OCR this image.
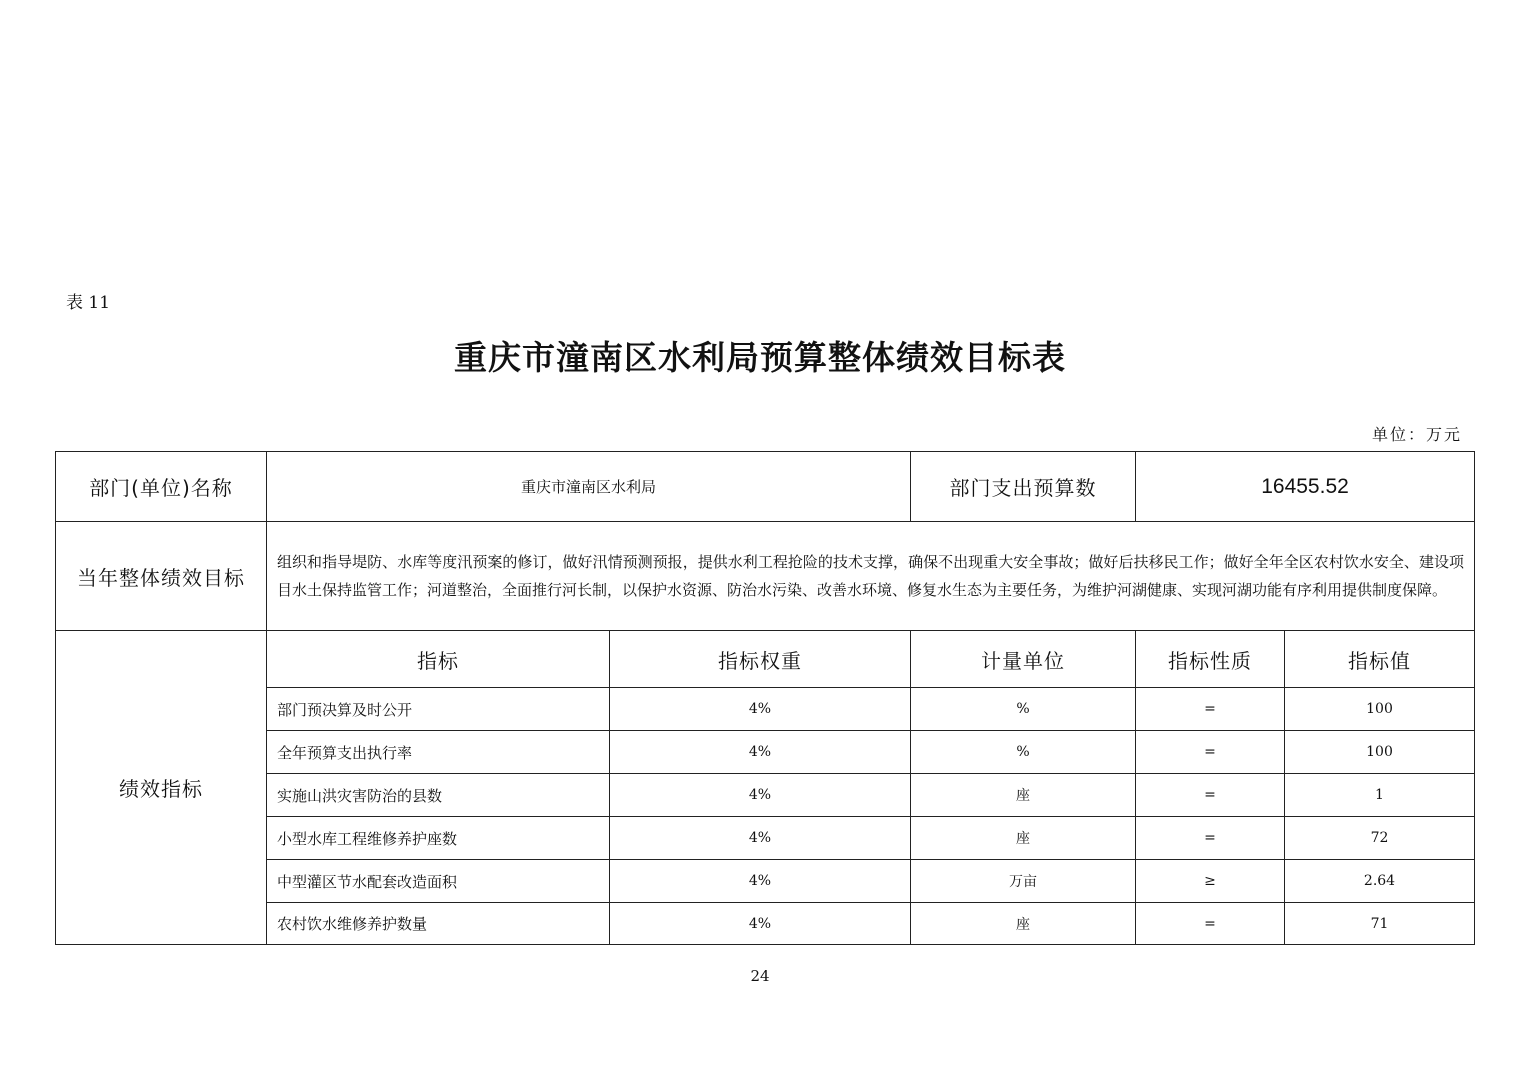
表 11
重庆市潼南区水利局预算整体绩效目标表
单位：万元
部门(单位)名称	重庆市潼南区水利局		部门支出预算数	16455.52	
当年整体绩效目标	组织和指导堤防、水库等度汛预案的修订，做好汛情预测预报，提供水利工程抢险的技术支撑，确保不出现重大安全事故；做好后扶移民工作；做好全年全区农村饮水安全、建设项目水土保持监管工作；河道整治，全面推行河长制，以保护水资源、防治水污染、改善水环境、修复水生态为主要任务，为维护河湖健康、实现河湖功能有序利用提供制度保障。				
绩效指标	指标	指标权重	计量单位	指标性质	指标值
	部门预决算及时公开	4%	%	=	100
	全年预算支出执行率	4%	%	=	100
	实施山洪灾害防治的县数	4%	座	=	1
	小型水库工程维修养护座数	4%	座	=	72
	中型灌区节水配套改造面积	4%	万亩	≥	2.64
	农村饮水维修养护数量	4%	座	=	71
24
